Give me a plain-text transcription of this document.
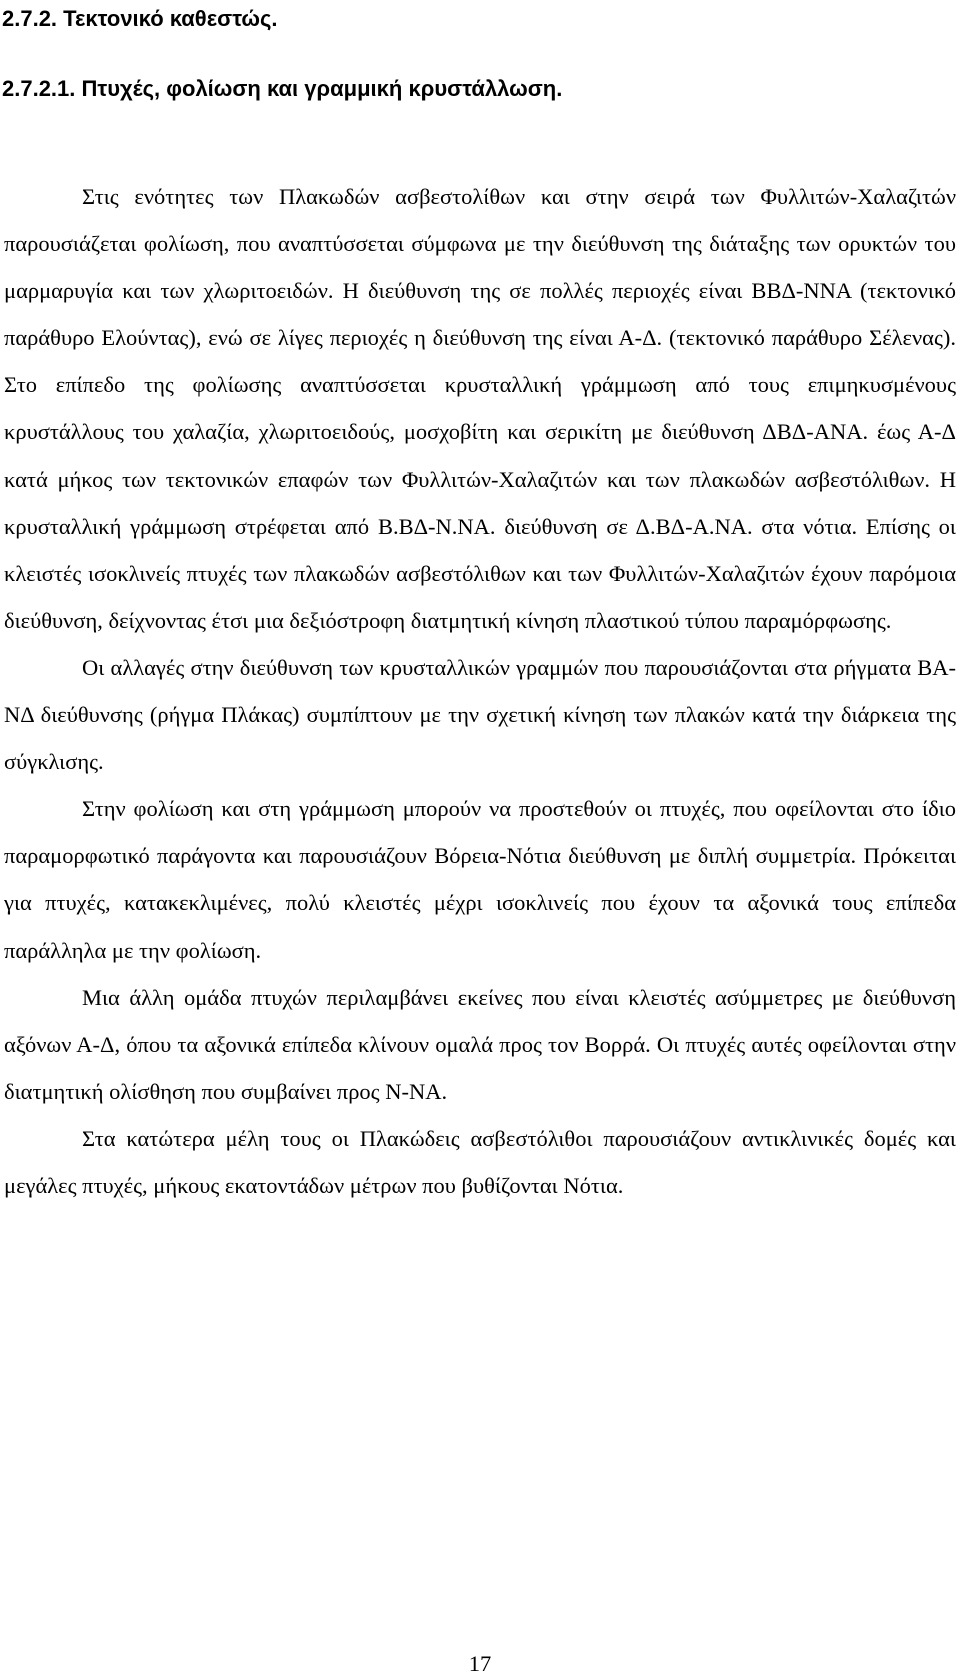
2.7.2. Τεκτονικό καθεστώς.
2.7.2.1. Πτυχές, φολίωση και γραμμική κρυστάλλωση.

Στις ενότητες των Πλακωδών ασβεστολίθων και στην σειρά των Φυλλιτών-Χαλαζιτών παρουσιάζεται φολίωση, που αναπτύσσεται σύμφωνα με την διεύθυνση της διάταξης των ορυκτών του μαρμαρυγία και των χλωριτοειδών. Η διεύθυνση της σε πολλές περιοχές είναι ΒΒΔ-ΝΝΑ (τεκτονικό παράθυρο Ελούντας), ενώ σε λίγες περιοχές η διεύθυνση της είναι Α-Δ. (τεκτονικό παράθυρο Σέλενας). Στο επίπεδο της φολίωσης αναπτύσσεται κρυσταλλική γράμμωση από τους επιμηκυσμένους κρυστάλλους του χαλαζία, χλωριτοειδούς, μοσχοβίτη και σερικίτη με διεύθυνση ΔΒΔ-ΑΝΑ. έως Α-Δ κατά μήκος των τεκτονικών επαφών των Φυλλιτών-Χαλαζιτών και των πλακωδών ασβεστόλιθων. Η κρυσταλλική γράμμωση στρέφεται από Β.ΒΔ-Ν.ΝΑ. διεύθυνση σε Δ.ΒΔ-Α.ΝΑ. στα νότια. Επίσης οι κλειστές ισοκλινείς πτυχές των πλακωδών ασβεστόλιθων και των Φυλλιτών-Χαλαζιτών έχουν παρόμοια διεύθυνση, δείχνοντας έτσι μια δεξιόστροφη διατμητική κίνηση πλαστικού τύπου παραμόρφωσης.

Οι αλλαγές στην διεύθυνση των κρυσταλλικών γραμμών που παρουσιάζονται στα ρήγματα ΒΑ-ΝΔ διεύθυνσης (ρήγμα Πλάκας) συμπίπτουν με την σχετική κίνηση των πλακών κατά την διάρκεια της σύγκλισης.

Στην φολίωση και στη γράμμωση μπορούν να προστεθούν οι πτυχές, που οφείλονται στο ίδιο παραμορφωτικό παράγοντα και παρουσιάζουν Βόρεια-Νότια διεύθυνση με διπλή συμμετρία. Πρόκειται για πτυχές, κατακεκλιμένες, πολύ κλειστές μέχρι ισοκλινείς που έχουν τα αξονικά τους επίπεδα παράλληλα με την φολίωση.

Μια άλλη ομάδα πτυχών περιλαμβάνει εκείνες που είναι κλειστές ασύμμετρες με διεύθυνση αξόνων Α-Δ, όπου τα αξονικά επίπεδα κλίνουν ομαλά προς τον Βορρά. Οι πτυχές αυτές οφείλονται στην διατμητική ολίσθηση που συμβαίνει προς Ν-ΝΑ.

Στα κατώτερα μέλη τους οι Πλακώδεις ασβεστόλιθοι παρουσιάζουν αντικλινικές δομές και μεγάλες πτυχές, μήκους εκατοντάδων μέτρων που βυθίζονται Νότια.

17
